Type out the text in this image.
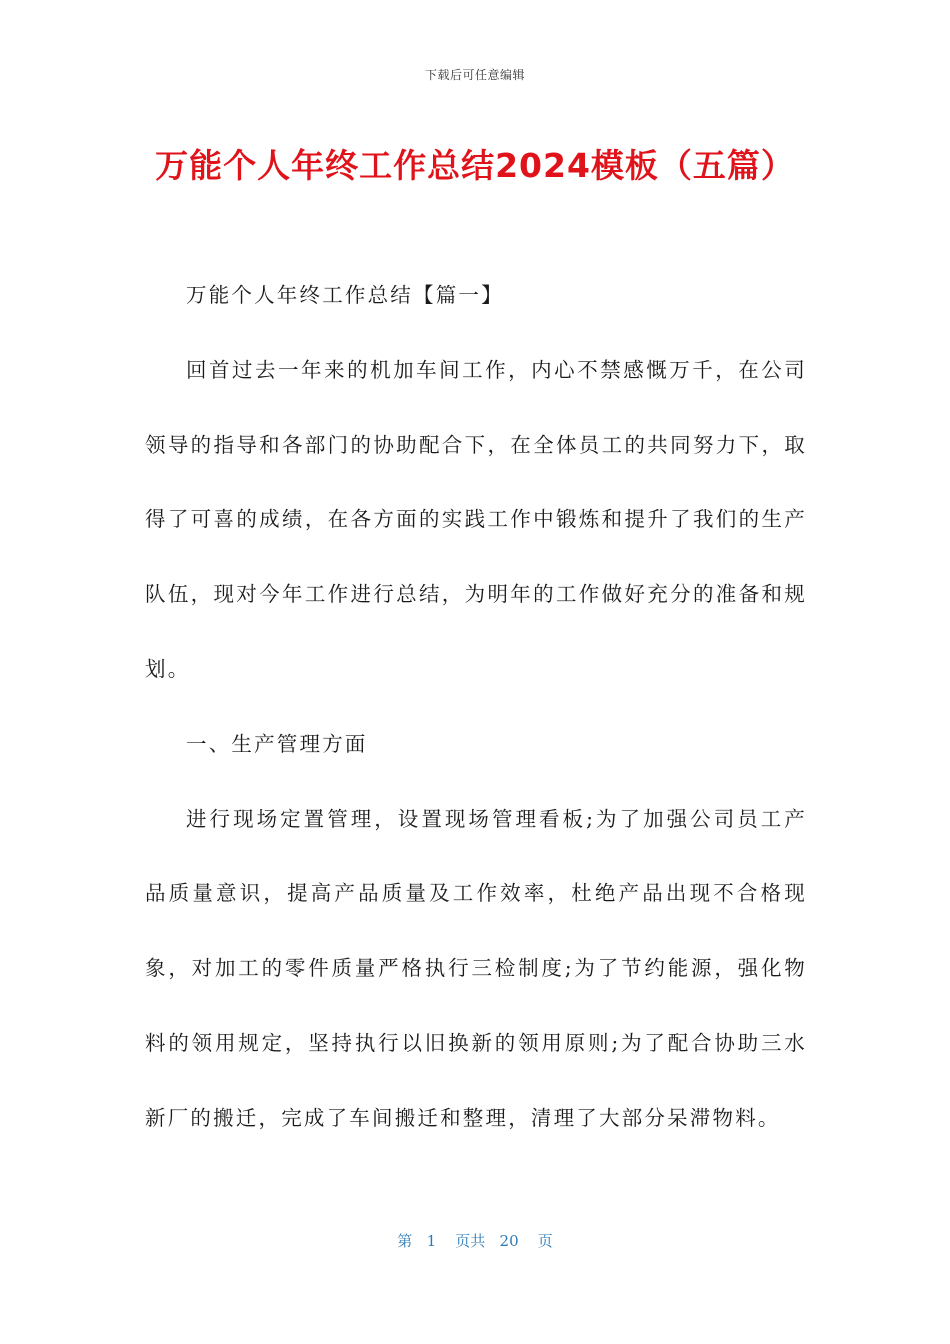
下载后可任意编辑
万能个人年终工作总结2024模板（五篇）

万能个人年终工作总结【篇一】

回首过去一年来的机加车间工作，内心不禁感慨万千，在公司领导的指导和各部门的协助配合下，在全体员工的共同努力下，取得了可喜的成绩，在各方面的实践工作中锻炼和提升了我们的生产队伍，现对今年工作进行总结，为明年的工作做好充分的准备和规划。

一、生产管理方面

进行现场定置管理，设置现场管理看板;为了加强公司员工产品质量意识，提高产品质量及工作效率，杜绝产品出现不合格现象，对加工的零件质量严格执行三检制度;为了节约能源，强化物料的领用规定，坚持执行以旧换新的领用原则;为了配合协助三水新厂的搬迁，完成了车间搬迁和整理，清理了大部分呆滞物料。

第 1 页共 20 页
